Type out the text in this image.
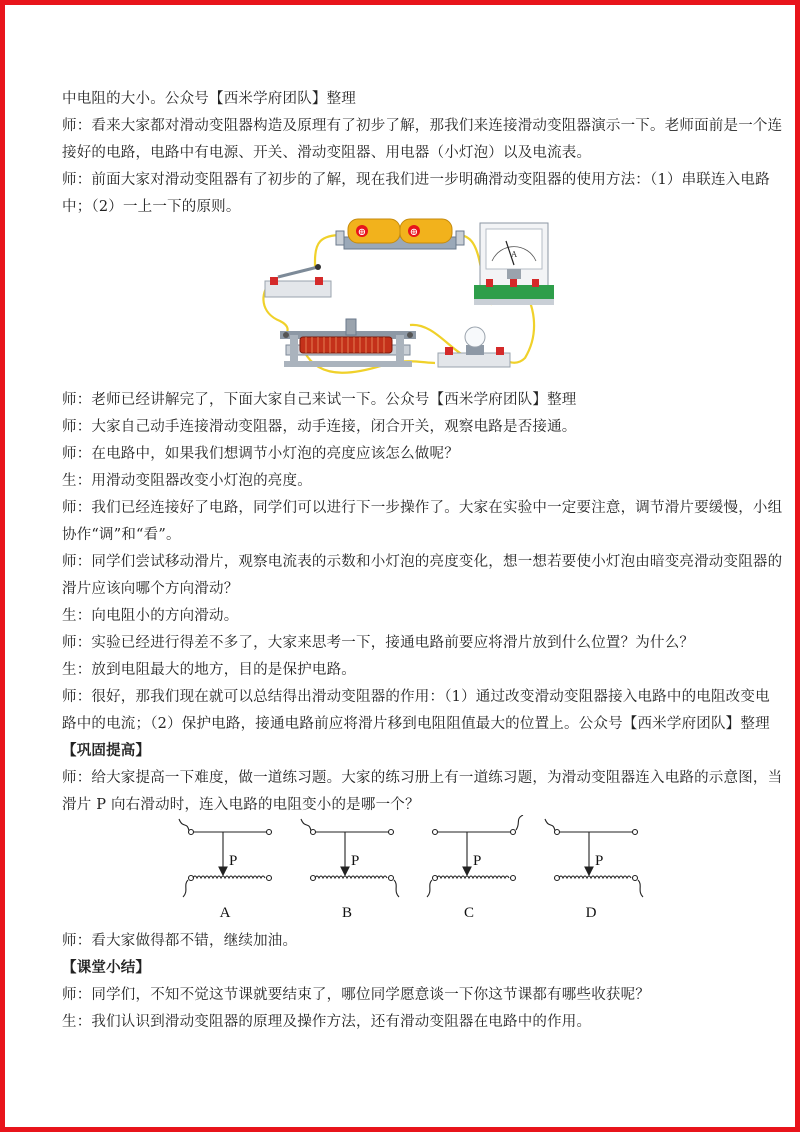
中电阻的大小。公众号【西米学府团队】整理
师：看来大家都对滑动变阻器构造及原理有了初步了解，那我们来连接滑动变阻器演示一下。老师面前是一个连
接好的电路，电路中有电源、开关、滑动变阻器、用电器（小灯泡）以及电流表。
师：前面大家对滑动变阻器有了初步的了解，现在我们进一步明确滑动变阻器的使用方法：（1）串联连入电路
中；（2）一上一下的原则。
⊕	⊕
A
师：老师已经讲解完了，下面大家自己来试一下。公众号【西米学府团队】整理
师：大家自己动手连接滑动变阻器，动手连接，闭合开关，观察电路是否接通。
师：在电路中，如果我们想调节小灯泡的亮度应该怎么做呢？
生：用滑动变阻器改变小灯泡的亮度。
师：我们已经连接好了电路，同学们可以进行下一步操作了。大家在实验中一定要注意，调节滑片要缓慢，小组
协作“调”和“看”。
师：同学们尝试移动滑片，观察电流表的示数和小灯泡的亮度变化，想一想若要使小灯泡由暗变亮滑动变阻器的
滑片应该向哪个方向滑动？
生：向电阻小的方向滑动。
师：实验已经进行得差不多了，大家来思考一下，接通电路前要应将滑片放到什么位置？为什么？
生：放到电阻最大的地方，目的是保护电路。
师：很好，那我们现在就可以总结得出滑动变阻器的作用：（1）通过改变滑动变阻器接入电路中的电阻改变电
路中的电流；（2）保护电路，接通电路前应将滑片移到电阻阻值最大的位置上。公众号【西米学府团队】整理
【巩固提高】
师：给大家提高一下难度，做一道练习题。大家的练习册上有一道练习题，为滑动变阻器连入电路的示意图，当
滑片 P 向右滑动时，连入电路的电阻变小的是哪一个？
P	P	P	P
A	B	C	D
师：看大家做得都不错，继续加油。
【课堂小结】
师：同学们，不知不觉这节课就要结束了，哪位同学愿意谈一下你这节课都有哪些收获呢？
生：我们认识到滑动变阻器的原理及操作方法，还有滑动变阻器在电路中的作用。
